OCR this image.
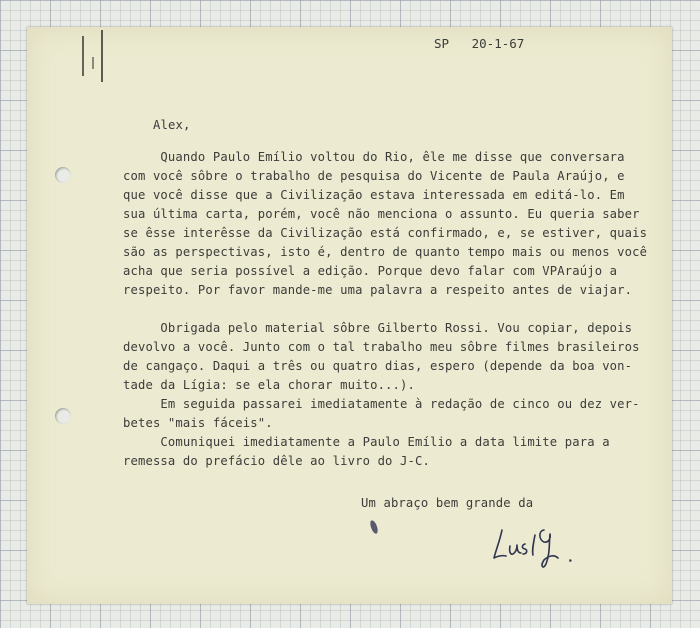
SP   20-1-67
Alex,
Quando Paulo Emílio voltou do Rio, êle me disse que conversara
com você sôbre o trabalho de pesquisa do Vicente de Paula Araújo, e
que você disse que a Civilização estava interessada em editá-lo. Em
sua última carta, porém, você não menciona o assunto. Eu queria saber
se êsse interêsse da Civilização está confirmado, e, se estiver, quais
são as perspectivas, isto é, dentro de quanto tempo mais ou menos você
acha que seria possível a edição. Porque devo falar com VPAraújo a
respeito. Por favor mande-me uma palavra a respeito antes de viajar.
Obrigada pelo material sôbre Gilberto Rossi. Vou copiar, depois
devolvo a você. Junto com o tal trabalho meu sôbre filmes brasileiros
de cangaço. Daqui a três ou quatro dias, espero (depende da boa von-
tade da Lígia: se ela chorar muito...).
Em seguida passarei imediatamente à redação de cinco ou dez ver-
betes "mais fáceis".
Comuniquei imediatamente a Paulo Emílio a data limite para a
remessa do prefácio dêle ao livro do J-C.
Um abraço bem grande da
